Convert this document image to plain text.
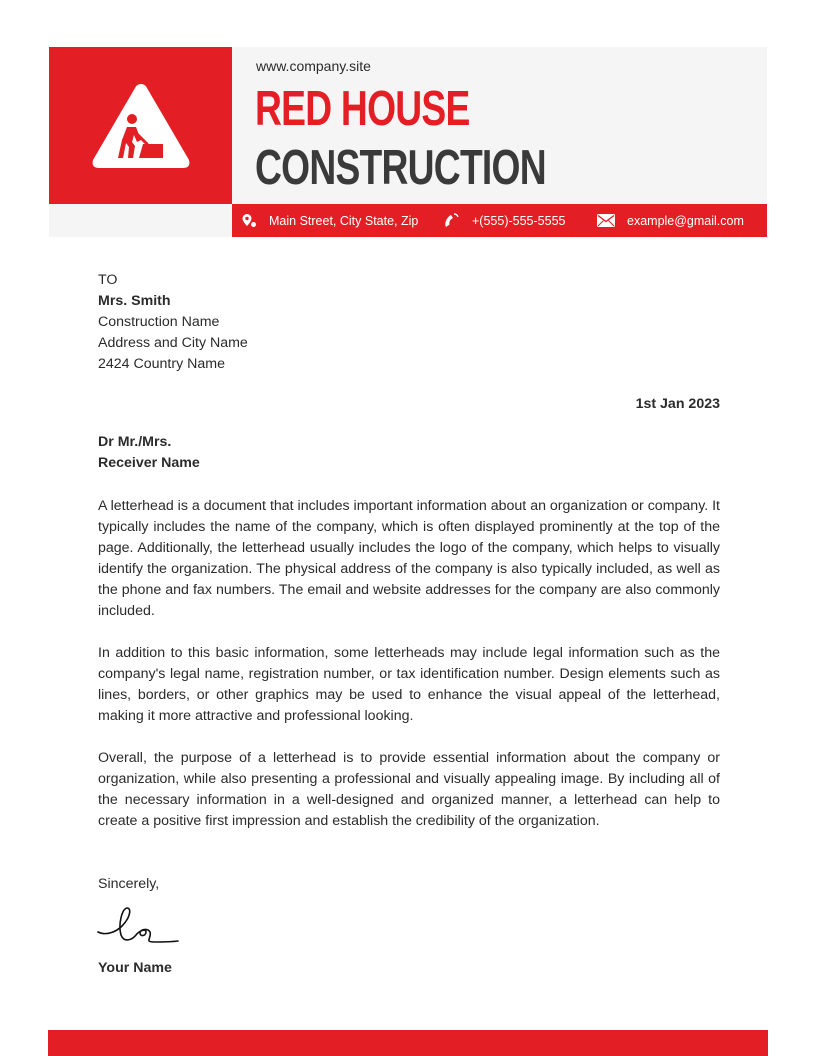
www.company.site
RED HOUSE
CONSTRUCTION
Main Street, City State, Zip	+(555)-555-5555	example@gmail.com
TO
Mrs. Smith
Construction Name
Address and City Name
2424 Country Name
1st Jan 2023
Dr Mr./Mrs.
Receiver Name
A letterhead is a document that includes important information about an organization or company. It typically includes the name of the company, which is often displayed prominently at the top of the page. Additionally, the letterhead usually includes the logo of the company, which helps to visually identify the organization. The physical address of the company is also typically included, as well as the phone and fax numbers. The email and website addresses for the company are also commonly included.
In addition to this basic information, some letterheads may include legal information such as the company's legal name, registration number, or tax identification number. Design elements such as lines, borders, or other graphics may be used to enhance the visual appeal of the letterhead, making it more attractive and professional looking.
Overall, the purpose of a letterhead is to provide essential information about the company or organization, while also presenting a professional and visually appealing image. By including all of the necessary information in a well-designed and organized manner, a letterhead can help to create a positive first impression and establish the credibility of the organization.
Sincerely,
Your Name
